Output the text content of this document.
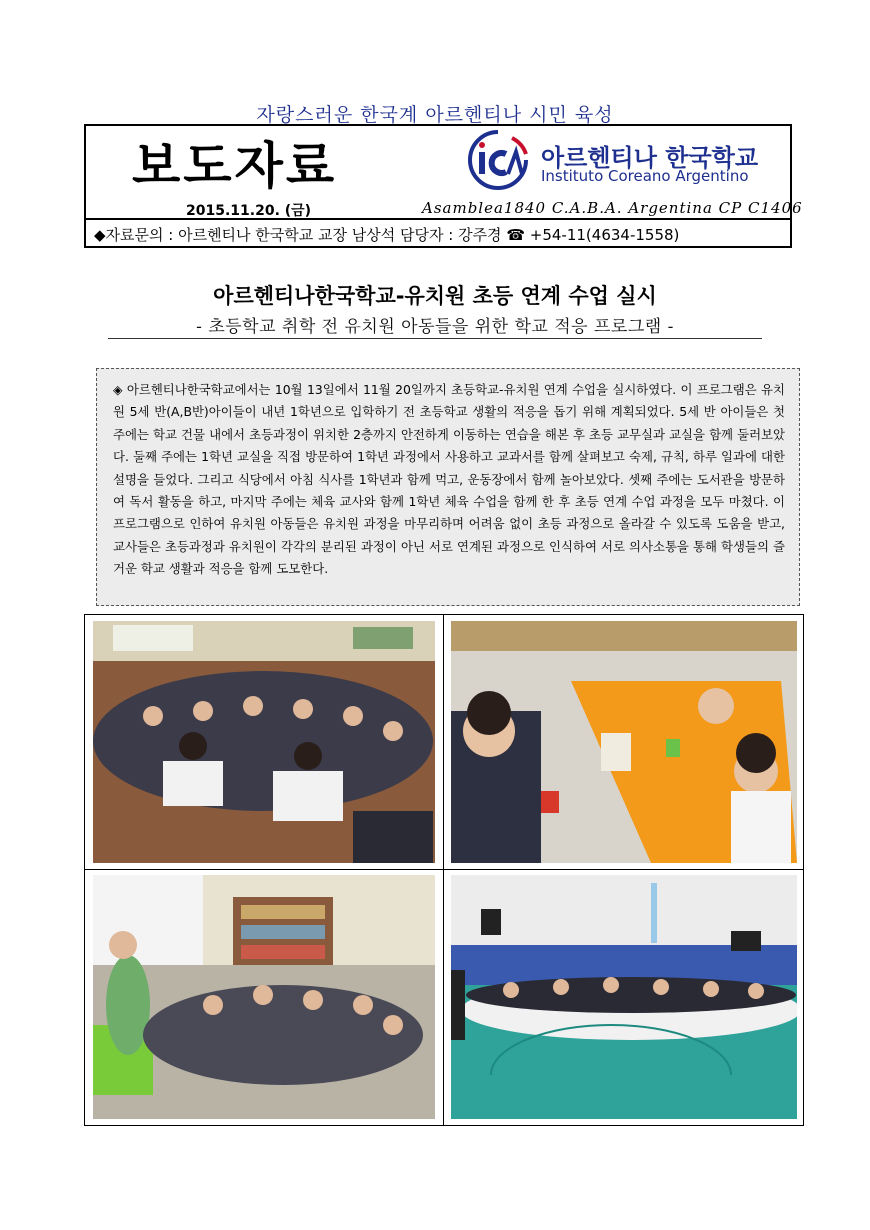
자랑스러운 한국계 아르헨티나 시민 육성
보도자료	아르헨티나 한국학교
Instituto Coreano Argentino
2015.11.20. (금)	Asamblea1840 C.A.B.A. Argentina CP C1406
◆자료문의 : 아르헨티나 한국학교 교장 남상석 담당자 : 강주경 ☎ +54-11(4634-1558)
아르헨티나한국학교-유치원 초등 연계 수업 실시
- 초등학교 취학 전 유치원 아동들을 위한 학교 적응 프로그램 -
◈ 아르헨티나한국학교에서는 10월 13일에서 11월 20일까지 초등학교-유치원 연계 수업을 실시하였다. 이 프로그램은 유치원 5세 반(A,B반)아이들이 내년 1학년으로 입학하기 전 초등학교 생활의 적응을 돕기 위해 계획되었다. 5세 반 아이들은 첫 주에는 학교 건물 내에서 초등과정이 위치한 2층까지 안전하게 이동하는 연습을 해본 후 초등 교무실과 교실을 함께 둘러보았다. 둘째 주에는 1학년 교실을 직접 방문하여 1학년 과정에서 사용하고 교과서를 함께 살펴보고 숙제, 규칙, 하루 일과에 대한 설명을 들었다. 그리고 식당에서 아침 식사를 1학년과 함께 먹고, 운동장에서 함께 놀아보았다. 셋째 주에는 도서관을 방문하여 독서 활동을 하고, 마지막 주에는 체육 교사와 함께 1학년 체육 수업을 함께 한 후 초등 연계 수업 과정을 모두 마쳤다. 이 프로그램으로 인하여 유치원 아동들은 유치원 과정을 마무리하며 어려움 없이 초등 과정으로 올라갈 수 있도록 도움을 받고, 교사들은 초등과정과 유치원이 각각의 분리된 과정이 아닌 서로 연계된 과정으로 인식하여 서로 의사소통을 통해 학생들의 즐거운 학교 생활과 적응을 함께 도모한다.
